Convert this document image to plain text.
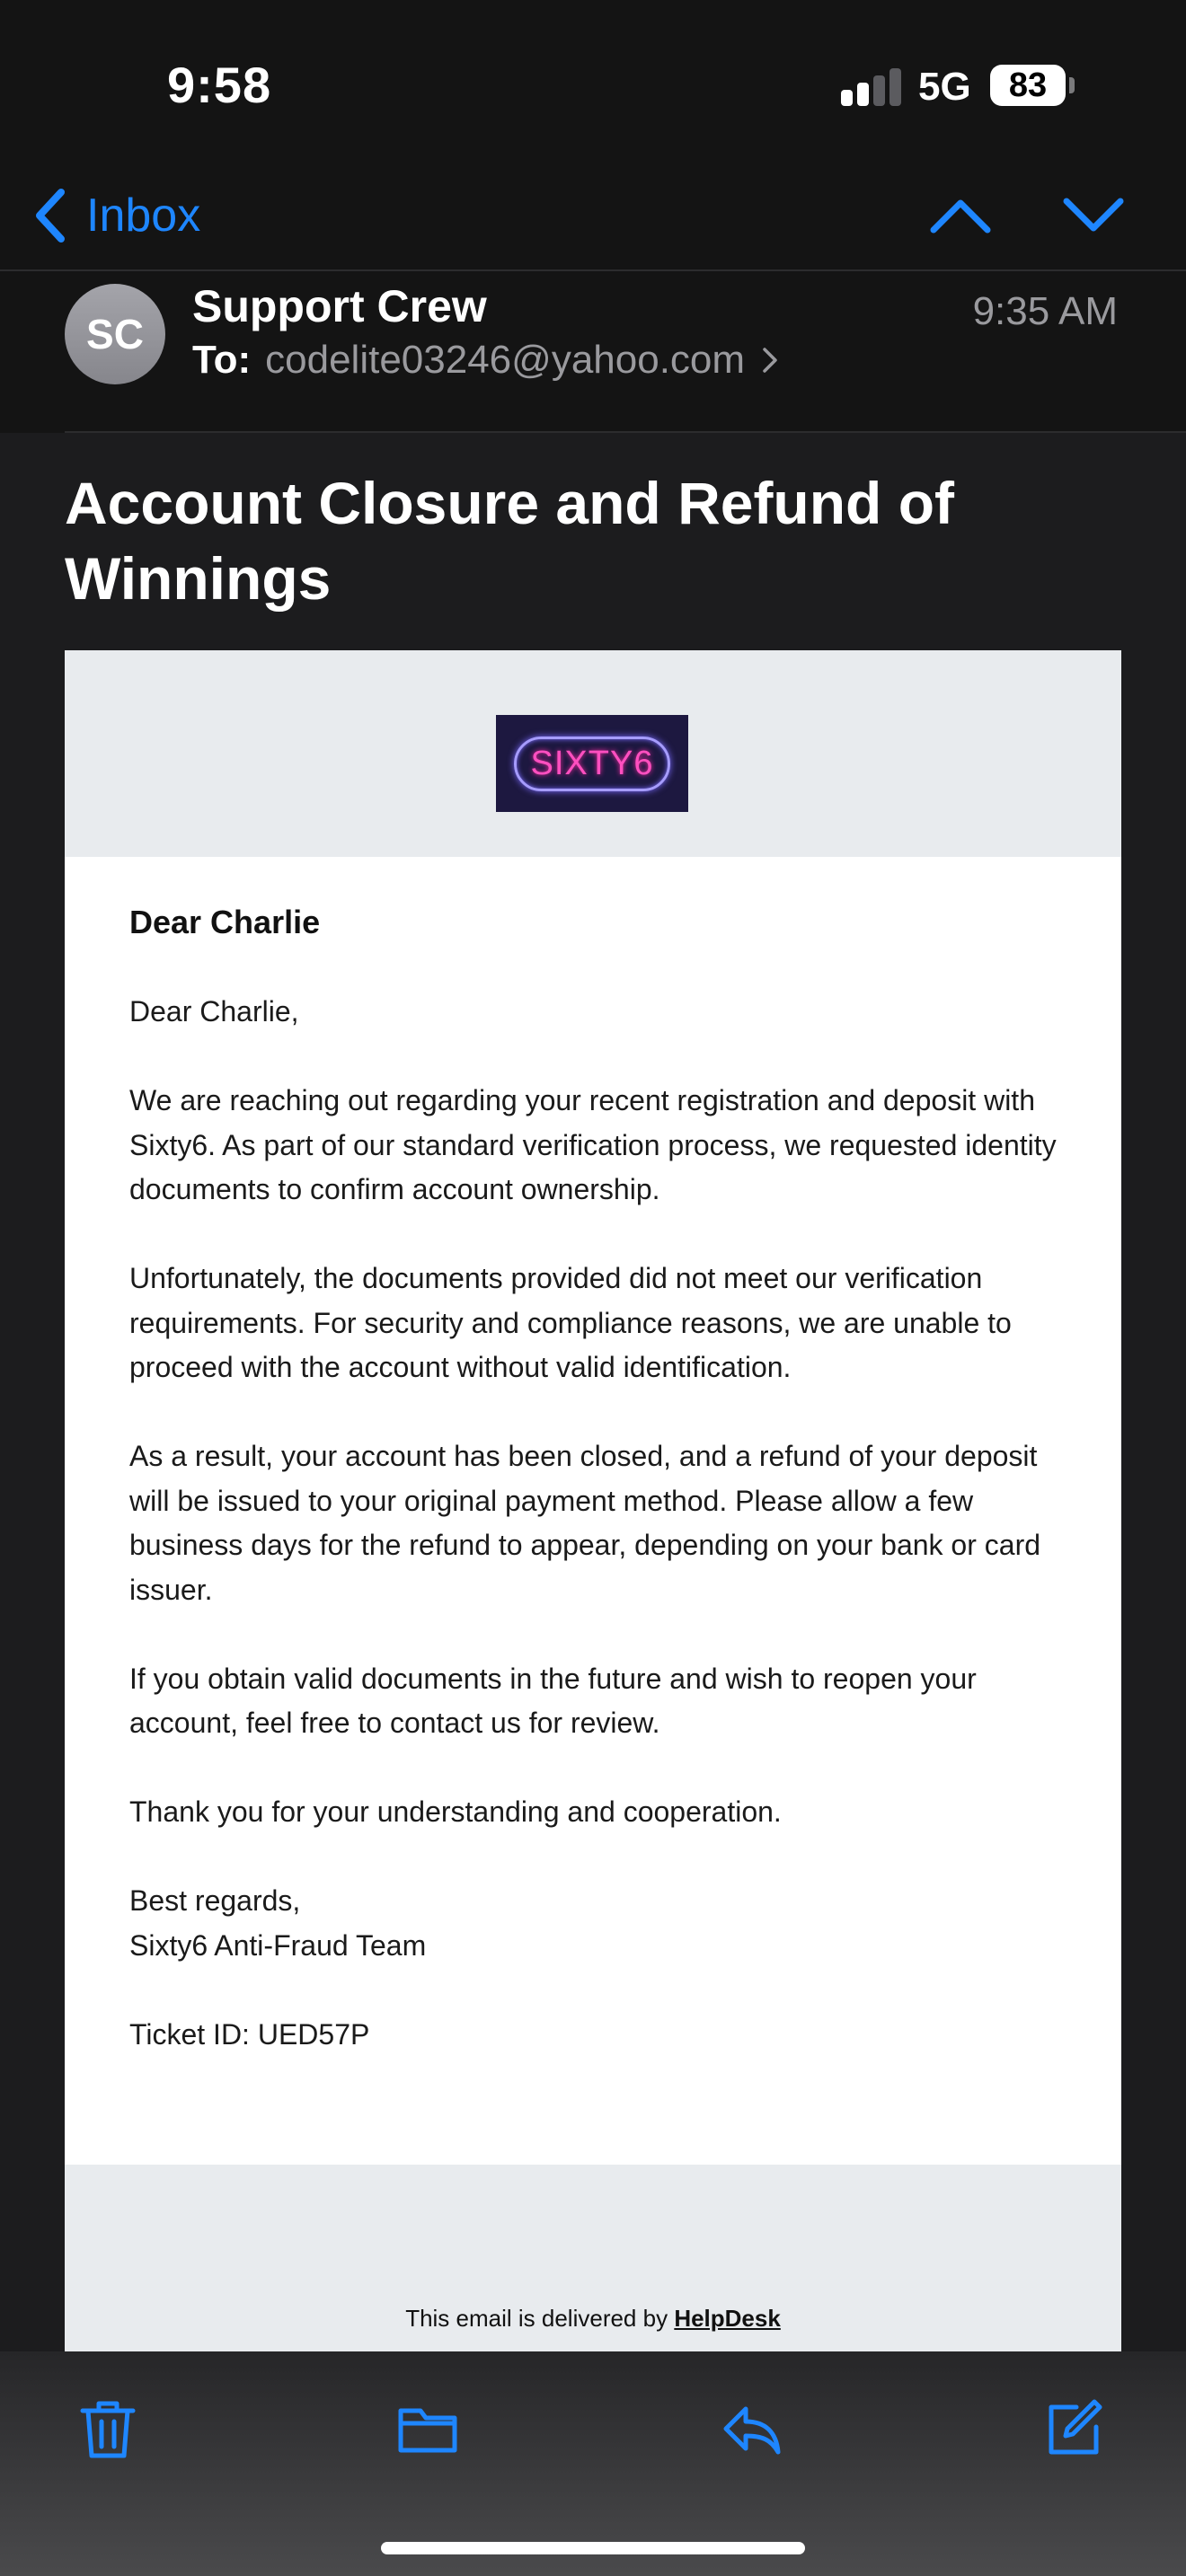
9:58	5G	83
Inbox
SC
Support Crew
To: codelite03246@yahoo.com
9:35 AM
Account Closure and Refund of Winnings
SIXTY6
Dear Charlie

Dear Charlie,

We are reaching out regarding your recent registration and deposit with Sixty6. As part of our standard verification process, we requested identity documents to confirm account ownership.

Unfortunately, the documents provided did not meet our verification requirements. For security and compliance reasons, we are unable to proceed with the account without valid identification.

As a result, your account has been closed, and a refund of your deposit will be issued to your original payment method. Please allow a few business days for the refund to appear, depending on your bank or card issuer.

If you obtain valid documents in the future and wish to reopen your account, feel free to contact us for review.

Thank you for your understanding and cooperation.

Best regards,
Sixty6 Anti-Fraud Team

Ticket ID: UED57P

This email is delivered by HelpDesk
